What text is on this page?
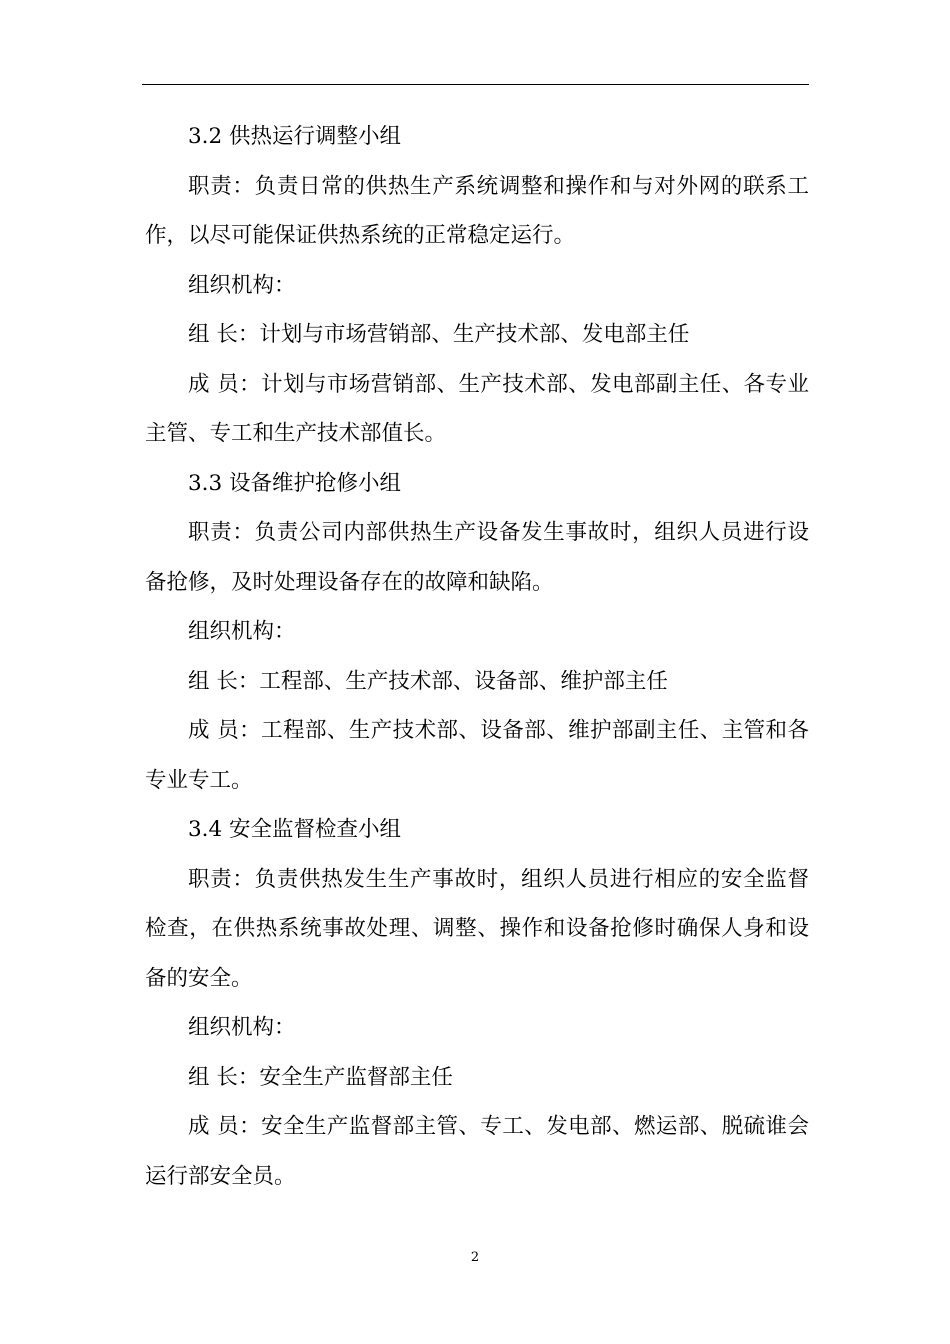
3.2 供热运行调整小组

职责：负责日常的供热生产系统调整和操作和与对外网的联系工作，以尽可能保证供热系统的正常稳定运行。

组织机构：

组 长：计划与市场营销部、生产技术部、发电部主任

成 员：计划与市场营销部、生产技术部、发电部副主任、各专业主管、专工和生产技术部值长。

3.3 设备维护抢修小组

职责：负责公司内部供热生产设备发生事故时，组织人员进行设备抢修，及时处理设备存在的故障和缺陷。

组织机构：

组 长：工程部、生产技术部、设备部、维护部主任

成 员：工程部、生产技术部、设备部、维护部副主任、主管和各专业专工。

3.4 安全监督检查小组

职责：负责供热发生生产事故时，组织人员进行相应的安全监督检查，在供热系统事故处理、调整、操作和设备抢修时确保人身和设备的安全。

组织机构：

组 长：安全生产监督部主任

成 员：安全生产监督部主管、专工、发电部、燃运部、脱硫谁会运行部安全员。

2
